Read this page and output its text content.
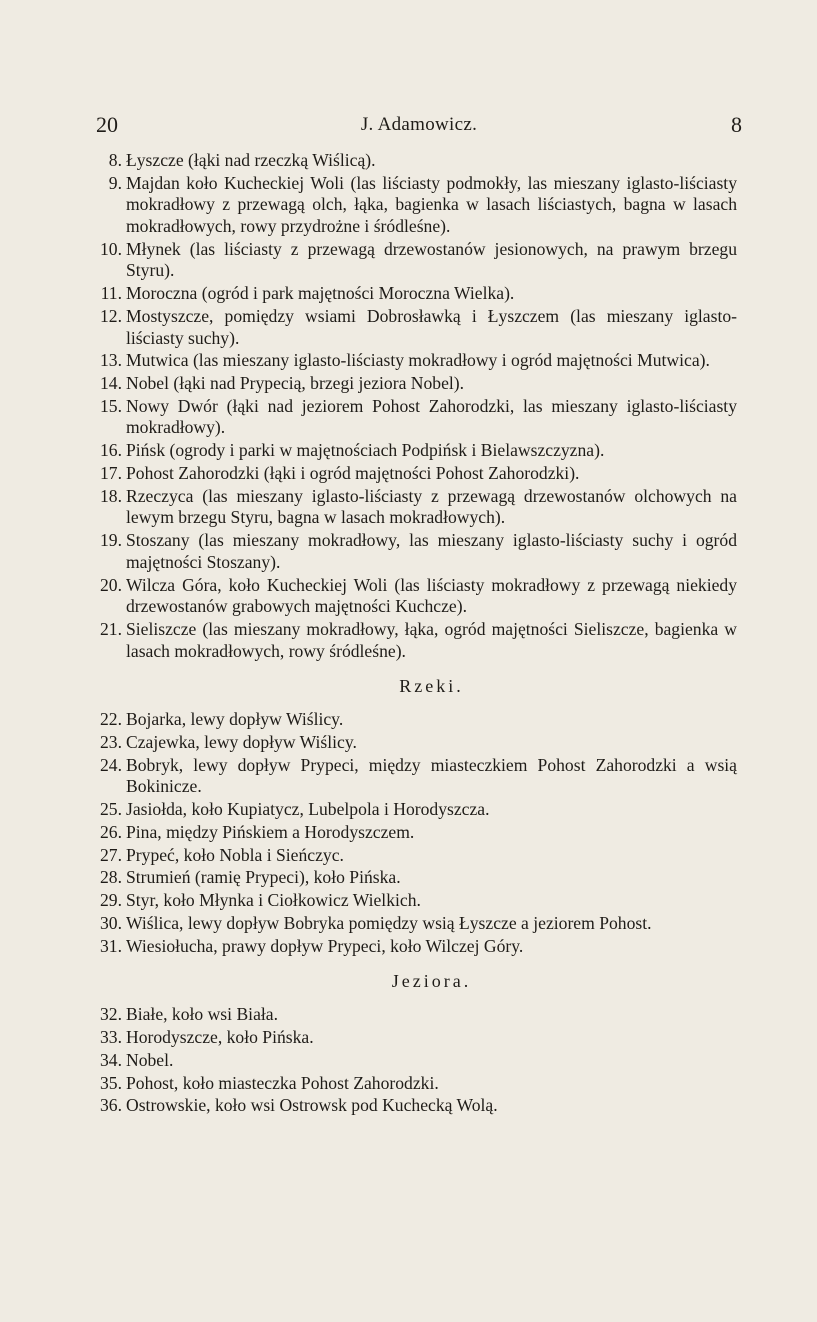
20	J. Adamowicz.	8
8. Łyszcze (łąki nad rzeczką Wiślicą).
9. Majdan koło Kucheckiej Woli (las liściasty podmokły, las mieszany iglasto-liściasty mokradłowy z przewagą olch, łąka, bagienka w lasach liściastych, bagna w lasach mokradłowych, rowy przydrożne i śródleśne).
10. Młynek (las liściasty z przewagą drzewostanów jesionowych, na prawym brzegu Styru).
11. Moroczna (ogród i park majętności Moroczna Wielka).
12. Mostyszcze, pomiędzy wsiami Dobrosławką i Łyszczem (las mieszany iglasto-liściasty suchy).
13. Mutwica (las mieszany iglasto-liściasty mokradłowy i ogród majętności Mutwica).
14. Nobel (łąki nad Prypecią, brzegi jeziora Nobel).
15. Nowy Dwór (łąki nad jeziorem Pohost Zahorodzki, las mieszany iglasto-liściasty mokradłowy).
16. Pińsk (ogrody i parki w majętnościach Podpińsk i Bielawszczyzna).
17. Pohost Zahorodzki (łąki i ogród majętności Pohost Zahorodzki).
18. Rzeczyca (las mieszany iglasto-liściasty z przewagą drzewostanów olchowych na lewym brzegu Styru, bagna w lasach mokradłowych).
19. Stoszany (las mieszany mokradłowy, las mieszany iglasto-liściasty suchy i ogród majętności Stoszany).
20. Wilcza Góra, koło Kucheckiej Woli (las liściasty mokradłowy z przewagą niekiedy drzewostanów grabowych majętności Kuchcze).
21. Sieliszcze (las mieszany mokradłowy, łąka, ogród majętności Sieliszcze, bagienka w lasach mokradłowych, rowy śródleśne).
Rzeki.
22. Bojarka, lewy dopływ Wiślicy.
23. Czajewka, lewy dopływ Wiślicy.
24. Bobryk, lewy dopływ Prypeci, między miasteczkiem Pohost Zahorodzki a wsią Bokinicze.
25. Jasiołda, koło Kupiatycz, Lubelpola i Horodyszcza.
26. Pina, między Pińskiem a Horodyszczem.
27. Prypeć, koło Nobla i Sieńczyc.
28. Strumień (ramię Prypeci), koło Pińska.
29. Styr, koło Młynka i Ciołkowicz Wielkich.
30. Wiślica, lewy dopływ Bobryka pomiędzy wsią Łyszcze a jeziorem Pohost.
31. Wiesiołucha, prawy dopływ Prypeci, koło Wilczej Góry.
Jeziora.
32. Białe, koło wsi Biała.
33. Horodyszcze, koło Pińska.
34. Nobel.
35. Pohost, koło miasteczka Pohost Zahorodzki.
36. Ostrowskie, koło wsi Ostrowsk pod Kuchecką Wolą.
